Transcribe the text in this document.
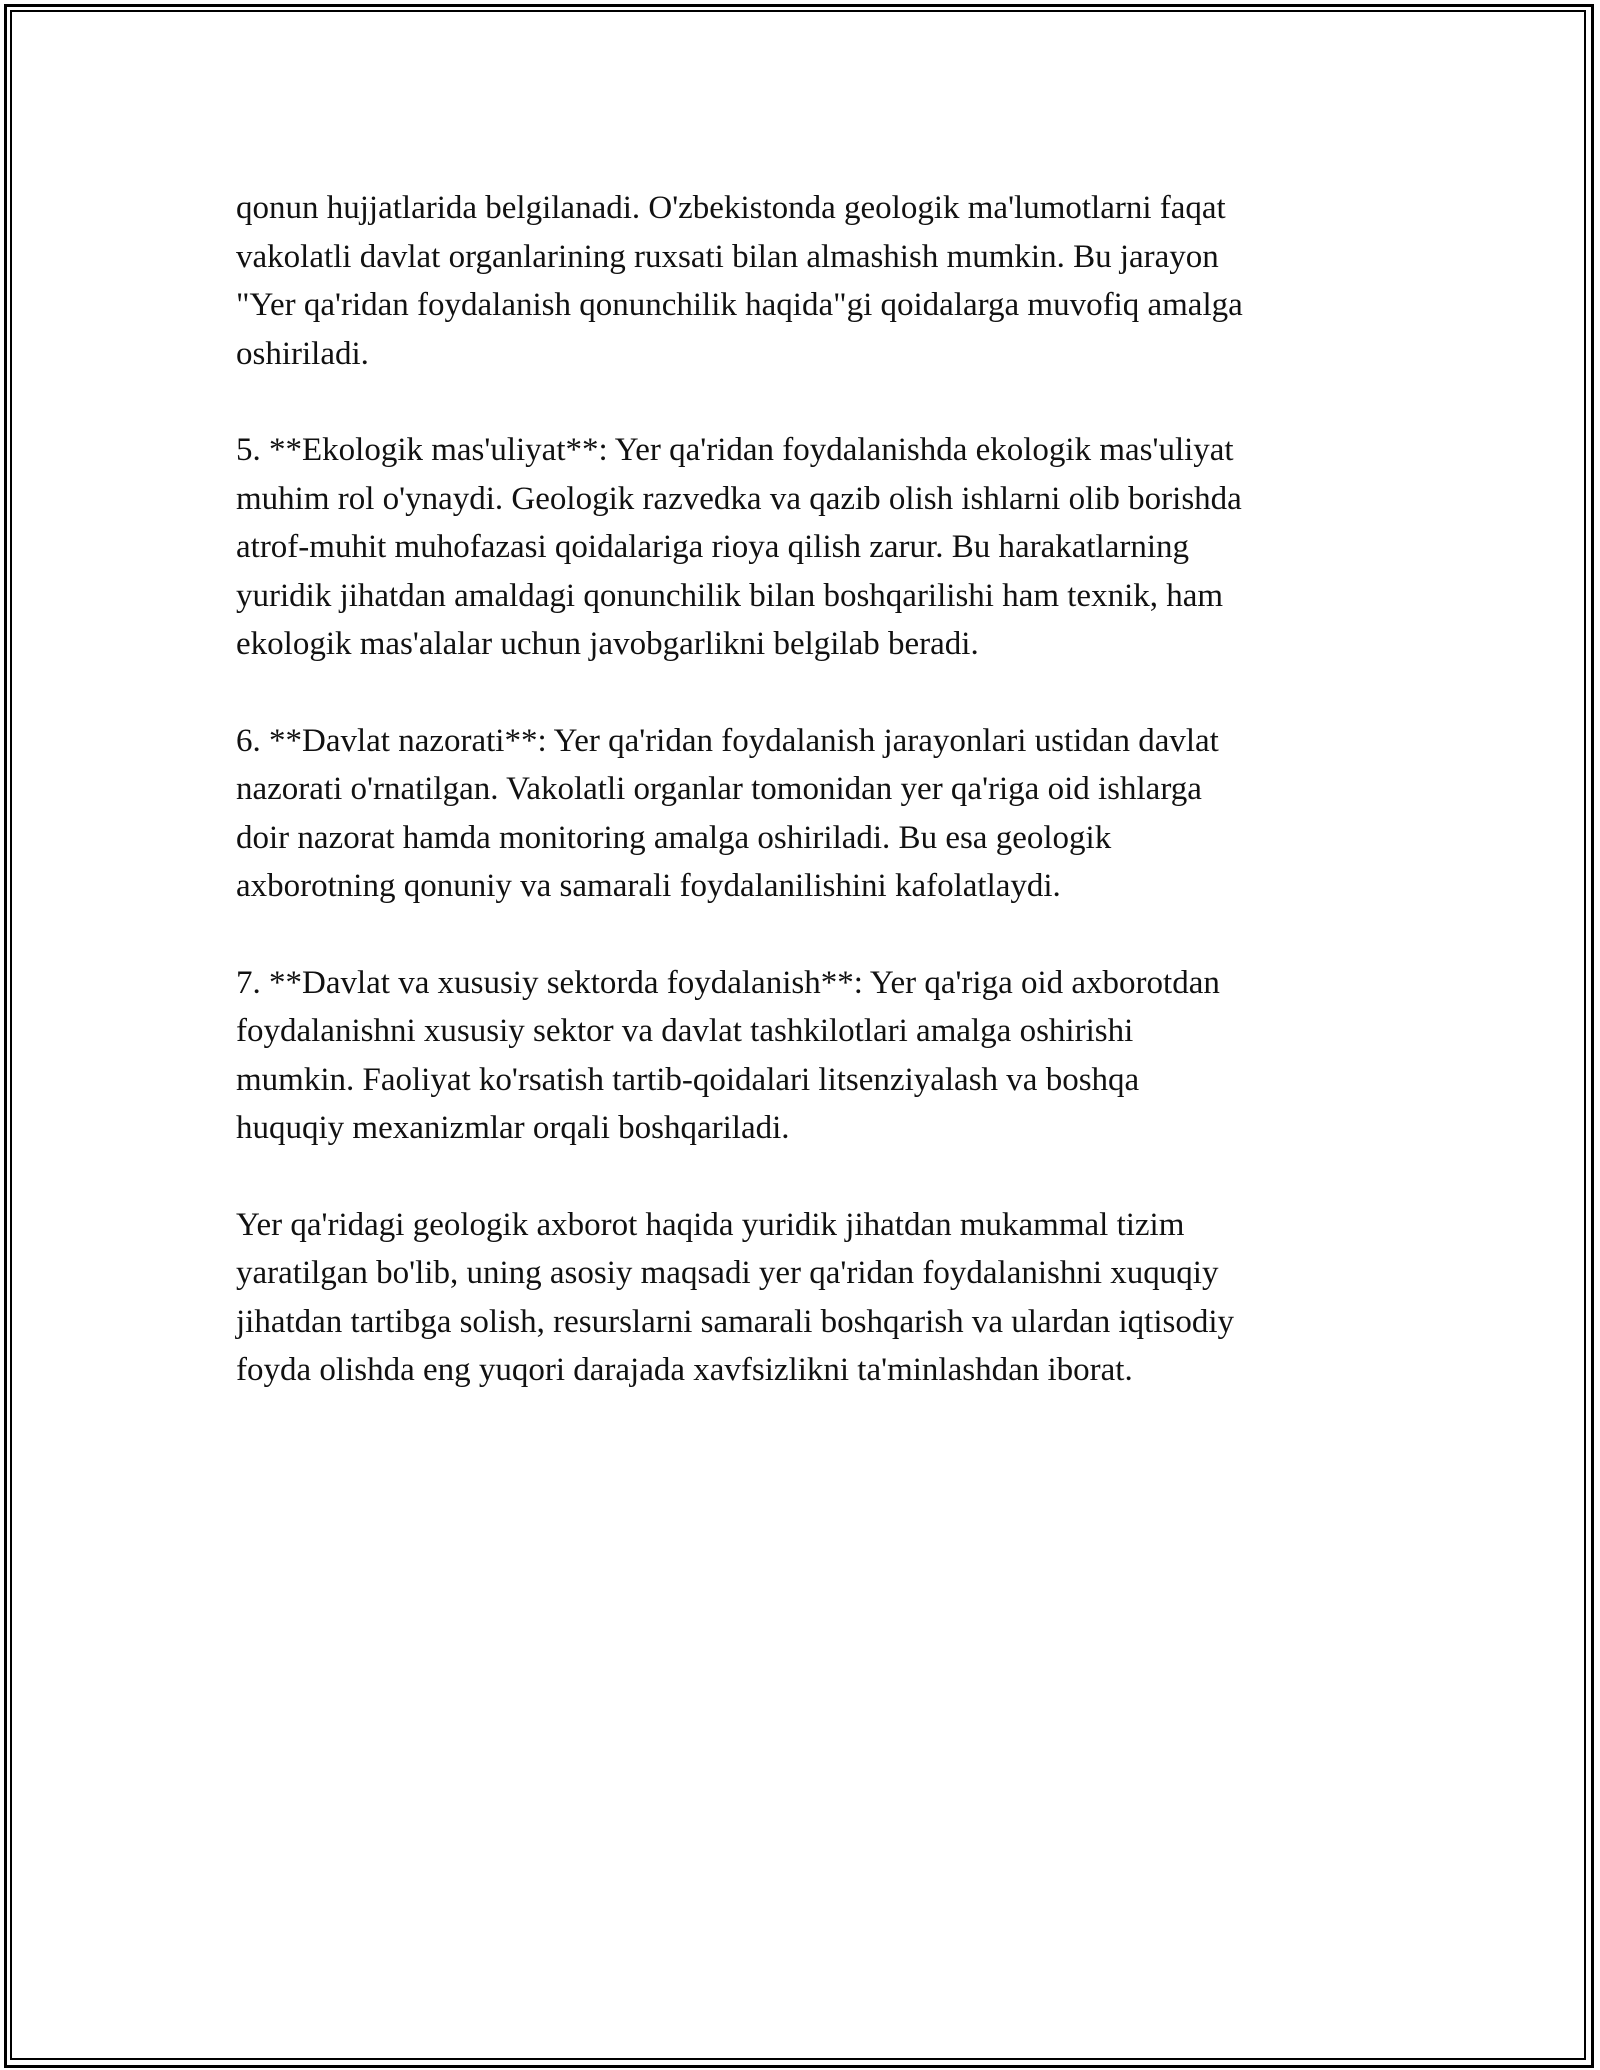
qonun hujjatlarida belgilanadi. O'zbekistonda geologik ma'lumotlarni faqat
vakolatli davlat organlarining ruxsati bilan almashish mumkin. Bu jarayon
"Yer qa'ridan foydalanish qonunchilik haqida"gi qoidalarga muvofiq amalga
oshiriladi.

5. **Ekologik mas'uliyat**: Yer qa'ridan foydalanishda ekologik mas'uliyat
muhim rol o'ynaydi. Geologik razvedka va qazib olish ishlarni olib borishda
atrof-muhit muhofazasi qoidalariga rioya qilish zarur. Bu harakatlarning
yuridik jihatdan amaldagi qonunchilik bilan boshqarilishi ham texnik, ham
ekologik mas'alalar uchun javobgarlikni belgilab beradi.

6. **Davlat nazorati**: Yer qa'ridan foydalanish jarayonlari ustidan davlat
nazorati o'rnatilgan. Vakolatli organlar tomonidan yer qa'riga oid ishlarga
doir nazorat hamda monitoring amalga oshiriladi. Bu esa geologik
axborotning qonuniy va samarali foydalanilishini kafolatlaydi.

7. **Davlat va xususiy sektorda foydalanish**: Yer qa'riga oid axborotdan
foydalanishni xususiy sektor va davlat tashkilotlari amalga oshirishi
mumkin. Faoliyat ko'rsatish tartib-qoidalari litsenziyalash va boshqa
huquqiy mexanizmlar orqali boshqariladi.

Yer qa'ridagi geologik axborot haqida yuridik jihatdan mukammal tizim
yaratilgan bo'lib, uning asosiy maqsadi yer qa'ridan foydalanishni xuquqiy
jihatdan tartibga solish, resurslarni samarali boshqarish va ulardan iqtisodiy
foyda olishda eng yuqori darajada xavfsizlikni ta'minlashdan iborat.
